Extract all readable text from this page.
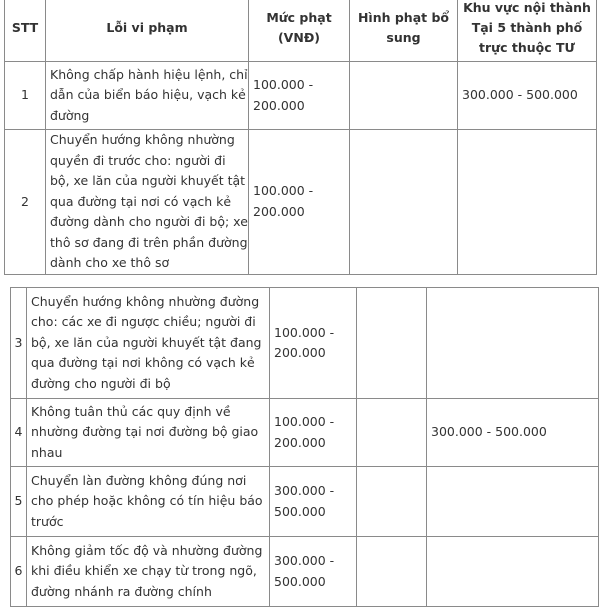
STT	Lỗi vi phạm	Mức phạt (VNĐ)	Hình phạt bổ sung	Khu vực nội thành Tại 5 thành phố trực thuộc TƯ
1	Không chấp hành hiệu lệnh, chỉ dẫn của biển báo hiệu, vạch kẻ đường	100.000 - 200.000		300.000 - 500.000
2	Chuyển hướng không nhường quyền đi trước cho: người đi bộ, xe lăn của người khuyết tật qua đường tại nơi có vạch kẻ đường dành cho người đi bộ; xe thô sơ đang đi trên phần đường dành cho xe thô sơ	100.000 - 200.000		
3	Chuyển hướng không nhường đường cho: các xe đi ngược chiều; người đi bộ, xe lăn của người khuyết tật đang qua đường tại nơi không có vạch kẻ đường cho người đi bộ	100.000 - 200.000		
4	Không tuân thủ các quy định về nhường đường tại nơi đường bộ giao nhau	100.000 - 200.000		300.000 - 500.000
5	Chuyển làn đường không đúng nơi cho phép hoặc không có tín hiệu báo trước	300.000 - 500.000		
6	Không giảm tốc độ và nhường đường khi điều khiển xe chạy từ trong ngõ, đường nhánh ra đường chính	300.000 - 500.000		
